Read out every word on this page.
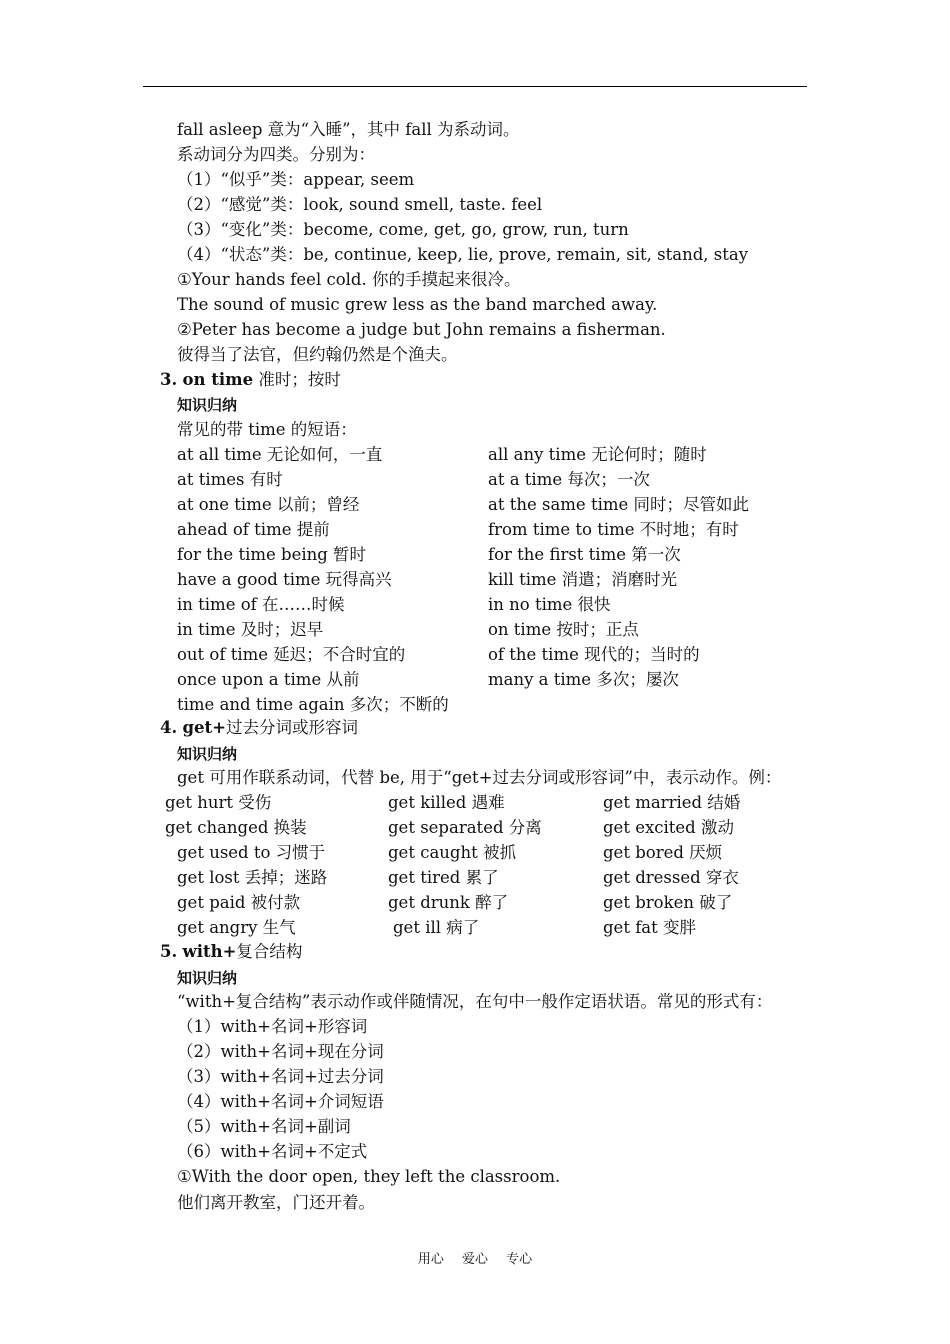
fall asleep 意为“入睡”，其中 fall 为系动词。
系动词分为四类。分别为：
（1）“似乎”类：appear, seem
（2）“感觉”类：look, sound smell, taste. feel
（3）“变化”类：become, come, get, go, grow, run, turn
（4）“状态”类：be, continue, keep, lie, prove, remain, sit, stand, stay
①Your hands feel cold. 你的手摸起来很冷。
The sound of music grew less as the band marched away.
②Peter has become a judge but John remains a fisherman.
彼得当了法官，但约翰仍然是个渔夫。
3. on time 准时；按时
知识归纳
常见的带 time 的短语：
at all time 无论如何，一直
at times 有时
at one time 以前；曾经
ahead of time 提前
for the time being 暂时
have a good time 玩得高兴
in time of 在……时候
in time 及时；迟早
out of time 延迟；不合时宜的
once upon a time 从前
time and time again 多次；不断的
all any time 无论何时；随时
at a time 每次；一次
at the same time 同时；尽管如此
from time to time 不时地；有时
for the first time 第一次
kill time 消遣；消磨时光
in no time 很快
on time 按时；正点
of the time 现代的；当时的
many a time 多次；屡次
4. get+过去分词或形容词
知识归纳
get 可用作联系动词，代替 be, 用于“get+过去分词或形容词”中，表示动作。例：
get hurt 受伤
get changed 换装
get used to 习惯于
get lost 丢掉；迷路
get paid 被付款
get angry 生气
get killed 遇难
get separated 分离
get caught 被抓
get tired 累了
get drunk 醉了
get ill 病了
get married 结婚
get excited 激动
get bored 厌烦
get dressed 穿衣
get broken 破了
get fat 变胖
5. with+复合结构
知识归纳
“with+复合结构”表示动作或伴随情况，在句中一般作定语状语。常见的形式有：
（1）with+名词+形容词
（2）with+名词+现在分词
（3）with+名词+过去分词
（4）with+名词+介词短语
（5）with+名词+副词
（6）with+名词+不定式
①With the door open, they left the classroom.
他们离开教室，门还开着。
用心 爱心 专心
